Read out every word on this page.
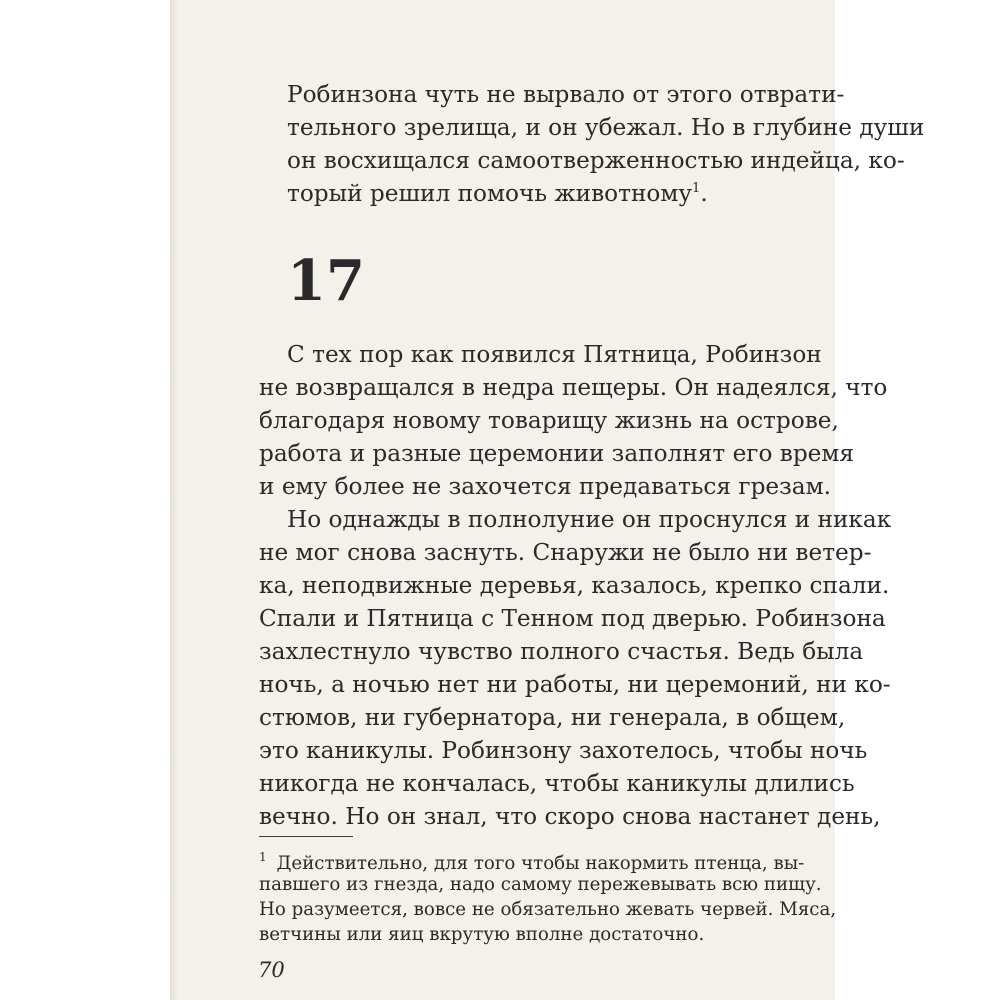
Робинзона чуть не вырвало от этого отврати-
тельного зрелища, и он убежал. Но в глубине души
он восхищался самоотверженностью индейца, ко-
торый решил помочь животному$^1$.
17
С тех пор как появился Пятница, Робинзон
не возвращался в недра пещеры. Он надеялся, что
благодаря новому товарищу жизнь на острове,
работа и разные церемонии заполнят его время
и ему более не захочется предаваться грезам.
Но однажды в полнолуние он проснулся и никак
не мог снова заснуть. Снаружи не было ни ветер-
ка, неподвижные деревья, казалось, крепко спали.
Спали и Пятница с Тенном под дверью. Робинзона
захлестнуло чувство полного счастья. Ведь была
ночь, а ночью нет ни работы, ни церемоний, ни ко-
стюмов, ни губернатора, ни генерала, в общем,
это каникулы. Робинзону захотелось, чтобы ночь
никогда не кончалась, чтобы каникулы длились
вечно. Но он знал, что скоро снова настанет день,
$^1$ Действительно, для того чтобы накормить птенца, вы-
павшего из гнезда, надо самому пережевывать всю пищу.
Но разумеется, вовсе не обязательно жевать червей. Мяса,
ветчины или яиц вкрутую вполне достаточно.
70
